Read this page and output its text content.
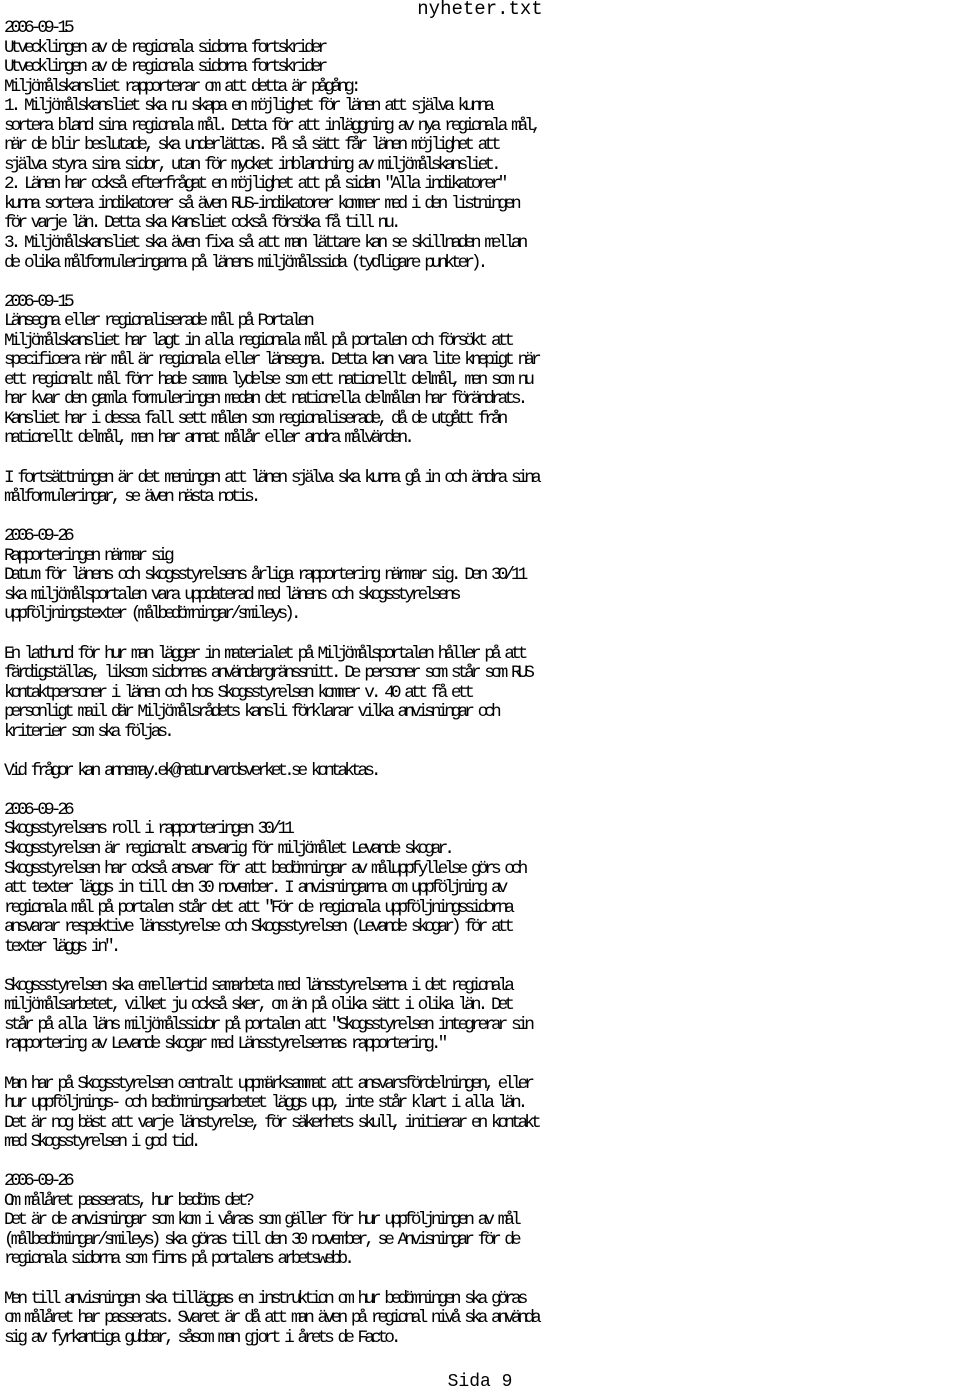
nyheter.txt
2006-09-15
Utvecklingen av de regionala sidorna fortskrider
Utvecklingen av de regionala sidorna fortskrider
Miljömålskansliet rapporterar om att detta är pågång:
1. Miljömålskansliet ska nu skapa en möjlighet för länen att själva kunna
sortera bland sina regionala mål. Detta för att inläggning av nya regionala mål,
när de blir beslutade, ska underlättas. På så sätt får länen möjlighet att
själva styra sina sidor, utan för mycket inblandning av miljömålskansliet.
2. Länen har också efterfrågat en möjlighet att på sidan "Alla indikatorer"
kunna sortera indikatorer så även RUS-indikatorer kommer med i den listningen
för varje län. Detta ska Kansliet också försöka få till nu.
3. Miljömålskansliet ska även fixa så att man lättare kan se skillnaden mellan
de olika målformuleringarna på länens miljömålssida (tydligare punkter).
2006-09-15
Länsegna eller regionaliserade mål på Portalen
Miljömålskansliet har lagt in alla regionala mål på portalen och försökt att
specificera när mål är regionala eller länsegna. Detta kan vara lite knepigt när
ett regionalt mål förr hade samma lydelse som ett nationellt delmål, men som nu
har kvar den gamla formuleringen medan det nationella delmålen har förändrats.
Kansliet har i dessa fall sett målen som regionaliserade, då de utgått från
nationellt delmål, men har annat målår eller andra målvärden.
I fortsättningen är det meningen att länen själva ska kunna gå in och ändra sina
målformuleringar, se även nästa notis.
2006-09-26
Rapporteringen närmar sig
Datum för länens och skogsstyrelsens årliga rapportering närmar sig. Den 30/11
ska miljömålsportalen vara uppdaterad med länens och skogsstyrelsens
uppföljningstexter (målbedömningar/smileys).
En lathund för hur man lägger in materialet på Miljömålsportalen håller på att
färdigställas, liksom sidornas användargränssnitt. De personer som står som RUS
kontaktpersoner i länen och hos Skogsstyrelsen kommer v. 40 att få ett
personligt mail där Miljömålsrådets kansli förklarar vilka anvisningar och
kriterier som ska följas.
Vid frågor kan annemay.ek@naturvardsverket.se kontaktas.
2006-09-26
Skogsstyrelsens roll i rapporteringen 30/11
Skogsstyrelsen är regionalt ansvarig för miljömålet Levande skogar.
Skogsstyrelsen har också ansvar för att bedömningar av måluppfyllelse görs och
att texter läggs in till den 30 november. I anvisningarna om uppföljning av
regionala mål på portalen står det att "För de regionala uppföljningssidorna
ansvarar respektive länsstyrelse och Skogsstyrelsen (Levande skogar) för att
texter läggs in".
Skogssstyrelsen ska emellertid samarbeta med länsstyrelserna i det regionala
miljömålsarbetet, vilket ju också sker, om än på olika sätt i olika län. Det
står på alla läns miljömålssidor på portalen att "Skogsstyrelsen integrerar sin
rapportering av Levande skogar med Länsstyrelsernas rapportering."
Man har på Skogsstyrelsen centralt uppmärksammat att ansvarsfördelningen, eller
hur uppföljnings- och bedömningsarbetet läggs upp, inte står klart i alla län.
Det är nog bäst att varje länstyrelse, för säkerhets skull, initierar en kontakt
med Skogsstyrelsen i god tid.
2006-09-26
Om målåret passerats, hur bedöms det?
Det är de anvisningar som kom i våras som gäller för hur uppföljningen av mål
(målbedömingar/smileys) ska göras till den 30 november, se Anvisningar för de
regionala sidorna som finns på portalens arbetswebb.
Men till anvisningen ska tilläggas en instruktion om hur bedömningen ska göras
om målåret har passerats. Svaret är då att man även på regional nivå ska använda
sig av fyrkantiga gubbar, såsom man gjort i årets de Facto.
Sida 9
